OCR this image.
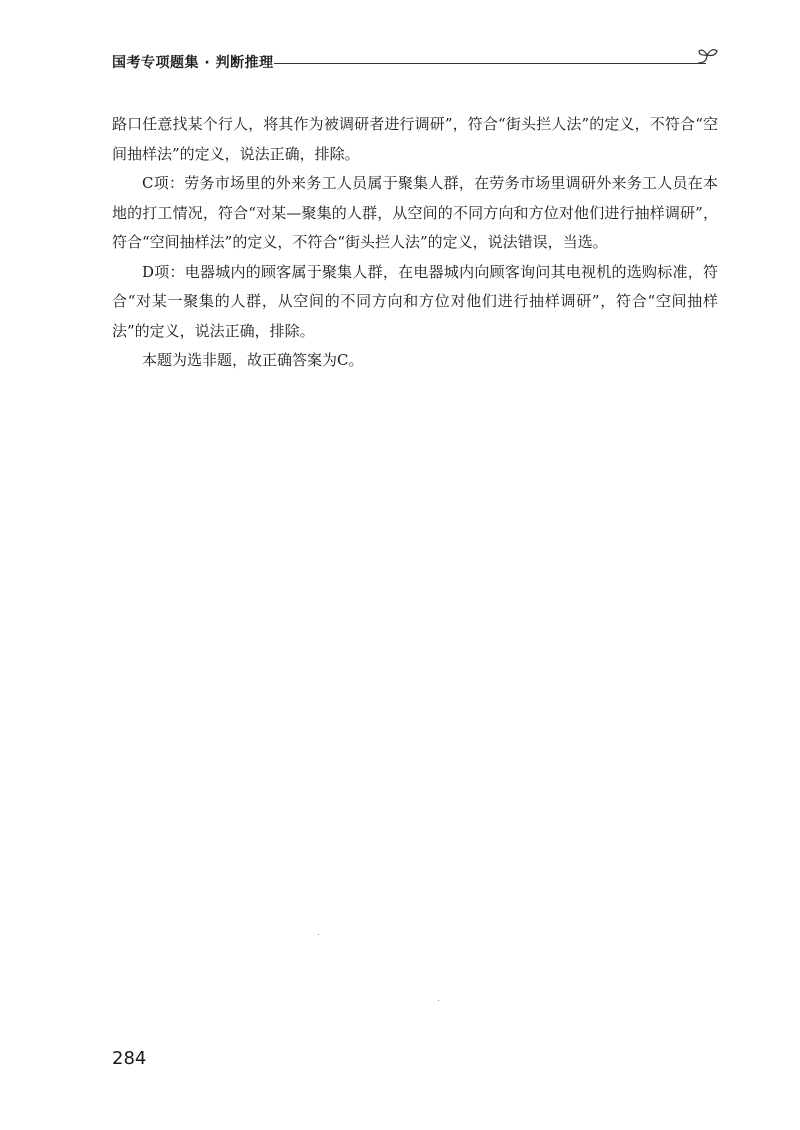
国考专项题集 · 判断推理

路口任意找某个行人，将其作为被调研者进行调研”，符合“街头拦人法”的定义，不符合“空间抽样法”的定义，说法正确，排除。

C项：劳务市场里的外来务工人员属于聚集人群，在劳务市场里调研外来务工人员在本地的打工情况，符合“对某—聚集的人群，从空间的不同方向和方位对他们进行抽样调研”，符合“空间抽样法”的定义，不符合“街头拦人法”的定义，说法错误，当选。

D项：电器城内的顾客属于聚集人群，在电器城内向顾客询问其电视机的选购标准，符合“对某一聚集的人群，从空间的不同方向和方位对他们进行抽样调研”，符合“空间抽样法”的定义，说法正确，排除。

本题为选非题，故正确答案为C。

284
